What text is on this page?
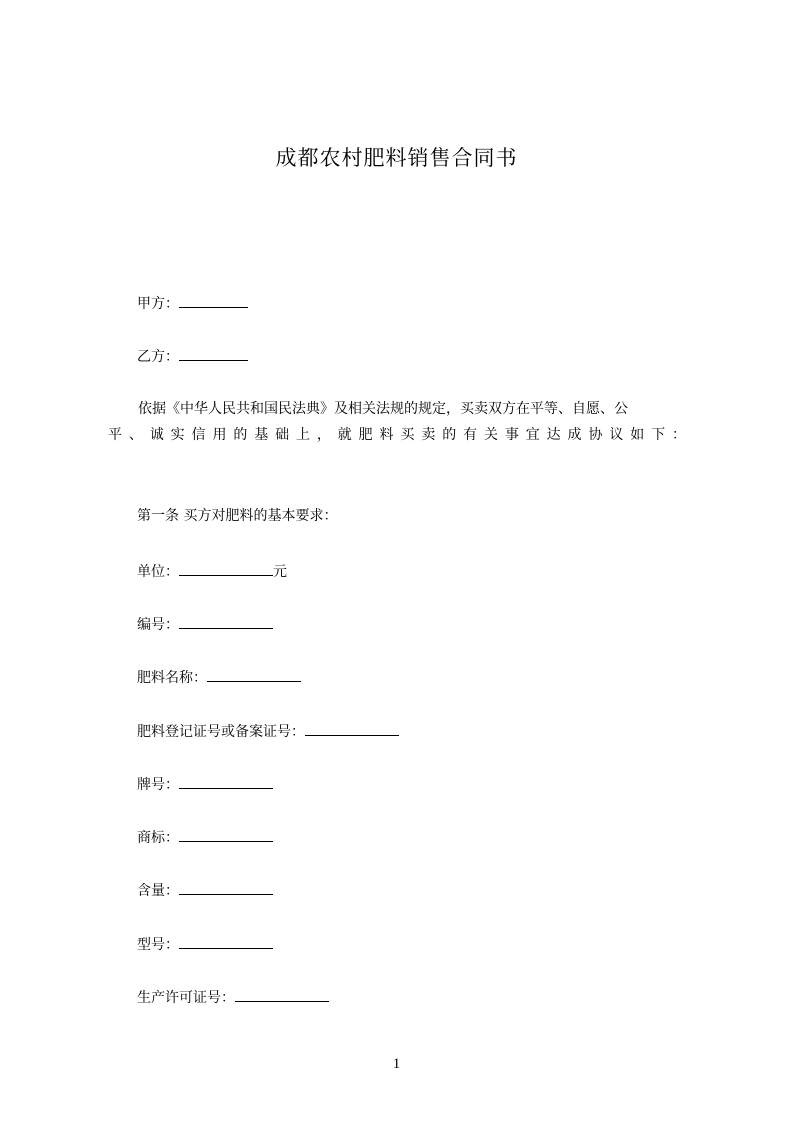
成都农村肥料销售合同书
甲方：
乙方：
依据《中华人民共和国民法典》及相关法规的规定，买卖双方在平等、自愿、公
平、诚实信用的基础上，就肥料买卖的有关事宜达成协议如下：
第一条 买方对肥料的基本要求：
单位：	元
编号：
肥料名称：
肥料登记证号或备案证号：
牌号：
商标：
含量：
型号：
生产许可证号：
1
